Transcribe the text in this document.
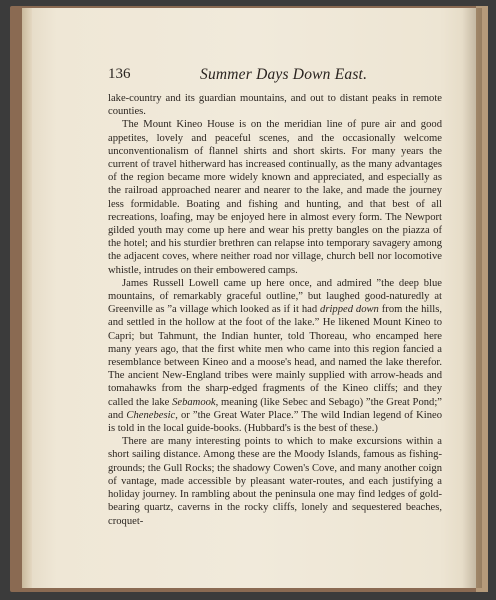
136	Summer Days Down East.

lake-country and its guardian mountains, and out to distant peaks in remote counties.

The Mount Kineo House is on the meridian line of pure air and good appetites, lovely and peaceful scenes, and the occasionally welcome unconventionalism of flannel shirts and short skirts. For many years the current of travel hitherward has increased continually, as the many advantages of the region became more widely known and appreciated, and especially as the railroad approached nearer and nearer to the lake, and made the journey less formidable. Boating and fishing and hunting, and that best of all recreations, loafing, may be enjoyed here in almost every form. The Newport gilded youth may come up here and wear his pretty bangles on the piazza of the hotel; and his sturdier brethren can relapse into temporary savagery among the adjacent coves, where neither road nor village, church bell nor locomotive whistle, intrudes on their embowered camps.

James Russell Lowell came up here once, and admired ”the deep blue mountains, of remarkably graceful outline,” but laughed good-naturedly at Greenville as ”a village which looked as if it had dripped down from the hills, and settled in the hollow at the foot of the lake.” He likened Mount Kineo to Capri; but Tahmunt, the Indian hunter, told Thoreau, who encamped here many years ago, that the first white men who came into this region fancied a resemblance between Kineo and a moose's head, and named the lake therefor. The ancient New-England tribes were mainly supplied with arrow-heads and tomahawks from the sharp-edged fragments of the Kineo cliffs; and they called the lake Sebamook, meaning (like Sebec and Sebago) ”the Great Pond;” and Chenebesic, or ”the Great Water Place.” The wild Indian legend of Kineo is told in the local guide-books. (Hubbard's is the best of these.)

There are many interesting points to which to make excursions within a short sailing distance. Among these are the Moody Islands, famous as fishing-grounds; the Gull Rocks; the shadowy Cowen's Cove, and many another coign of vantage, made accessible by pleasant water-routes, and each justifying a holiday journey. In rambling about the peninsula one may find ledges of gold-bearing quartz, caverns in the rocky cliffs, lonely and sequestered beaches, croquet-
